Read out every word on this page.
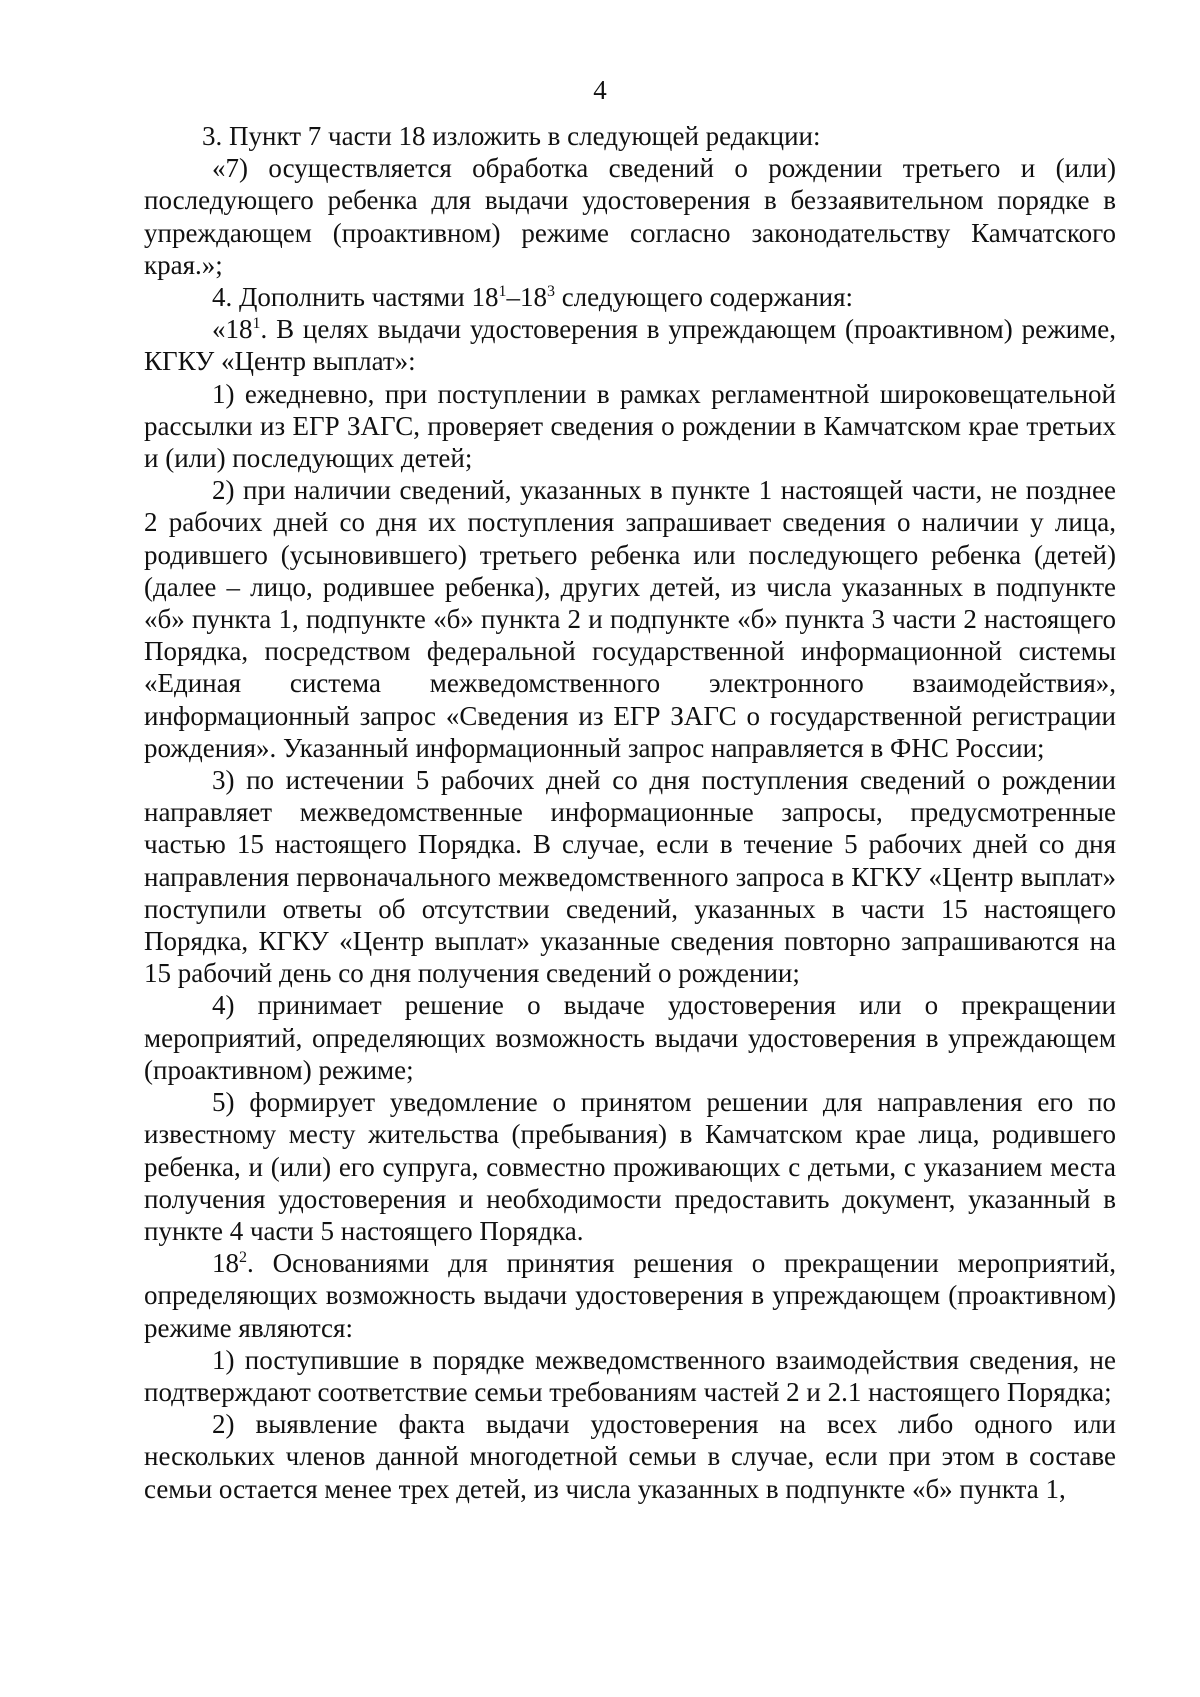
4

3. Пункт 7 части 18 изложить в следующей редакции:

«7) осуществляется обработка сведений о рождении третьего и (или) последующего ребенка для выдачи удостоверения в беззаявительном порядке в упреждающем (проактивном) режиме согласно законодательству Камчатского края.»;

4. Дополнить частями $18^1-18^3$ следующего содержания:

«$18^1$. В целях выдачи удостоверения в упреждающем (проактивном) режиме, КГКУ «Центр выплат»:

1) ежедневно, при поступлении в рамках регламентной широковещательной рассылки из ЕГР ЗАГС, проверяет сведения о рождении в Камчатском крае третьих и (или) последующих детей;

2) при наличии сведений, указанных в пункте 1 настоящей части, не позднее 2 рабочих дней со дня их поступления запрашивает сведения о наличии у лица, родившего (усыновившего) третьего ребенка или последующего ребенка (детей) (далее – лицо, родившее ребенка), других детей, из числа указанных в подпункте «б» пункта 1, подпункте «б» пункта 2 и подпункте «б» пункта 3 части 2 настоящего Порядка, посредством федеральной государственной информационной системы «Единая система межведомственного электронного взаимодействия», информационный запрос «Сведения из ЕГР ЗАГС о государственной регистрации рождения». Указанный информационный запрос направляется в ФНС России;

3) по истечении 5 рабочих дней со дня поступления сведений о рождении направляет межведомственные информационные запросы, предусмотренные частью 15 настоящего Порядка. В случае, если в течение 5 рабочих дней со дня направления первоначального межведомственного запроса в КГКУ «Центр выплат» поступили ответы об отсутствии сведений, указанных в части 15 настоящего Порядка, КГКУ «Центр выплат» указанные сведения повторно запрашиваются на 15 рабочий день со дня получения сведений о рождении;

4) принимает решение о выдаче удостоверения или о прекращении мероприятий, определяющих возможность выдачи удостоверения в упреждающем (проактивном) режиме;

5) формирует уведомление о принятом решении для направления его по известному месту жительства (пребывания) в Камчатском крае лица, родившего ребенка, и (или) его супруга, совместно проживающих с детьми, с указанием места получения удостоверения и необходимости предоставить документ, указанный в пункте 4 части 5 настоящего Порядка.

$18^2$. Основаниями для принятия решения о прекращении мероприятий, определяющих возможность выдачи удостоверения в упреждающем (проактивном) режиме являются:

1) поступившие в порядке межведомственного взаимодействия сведения, не подтверждают соответствие семьи требованиям частей 2 и 2.1 настоящего Порядка;

2) выявление факта выдачи удостоверения на всех либо одного или нескольких членов данной многодетной семьи в случае, если при этом в составе семьи остается менее трех детей, из числа указанных в подпункте «б» пункта 1,
